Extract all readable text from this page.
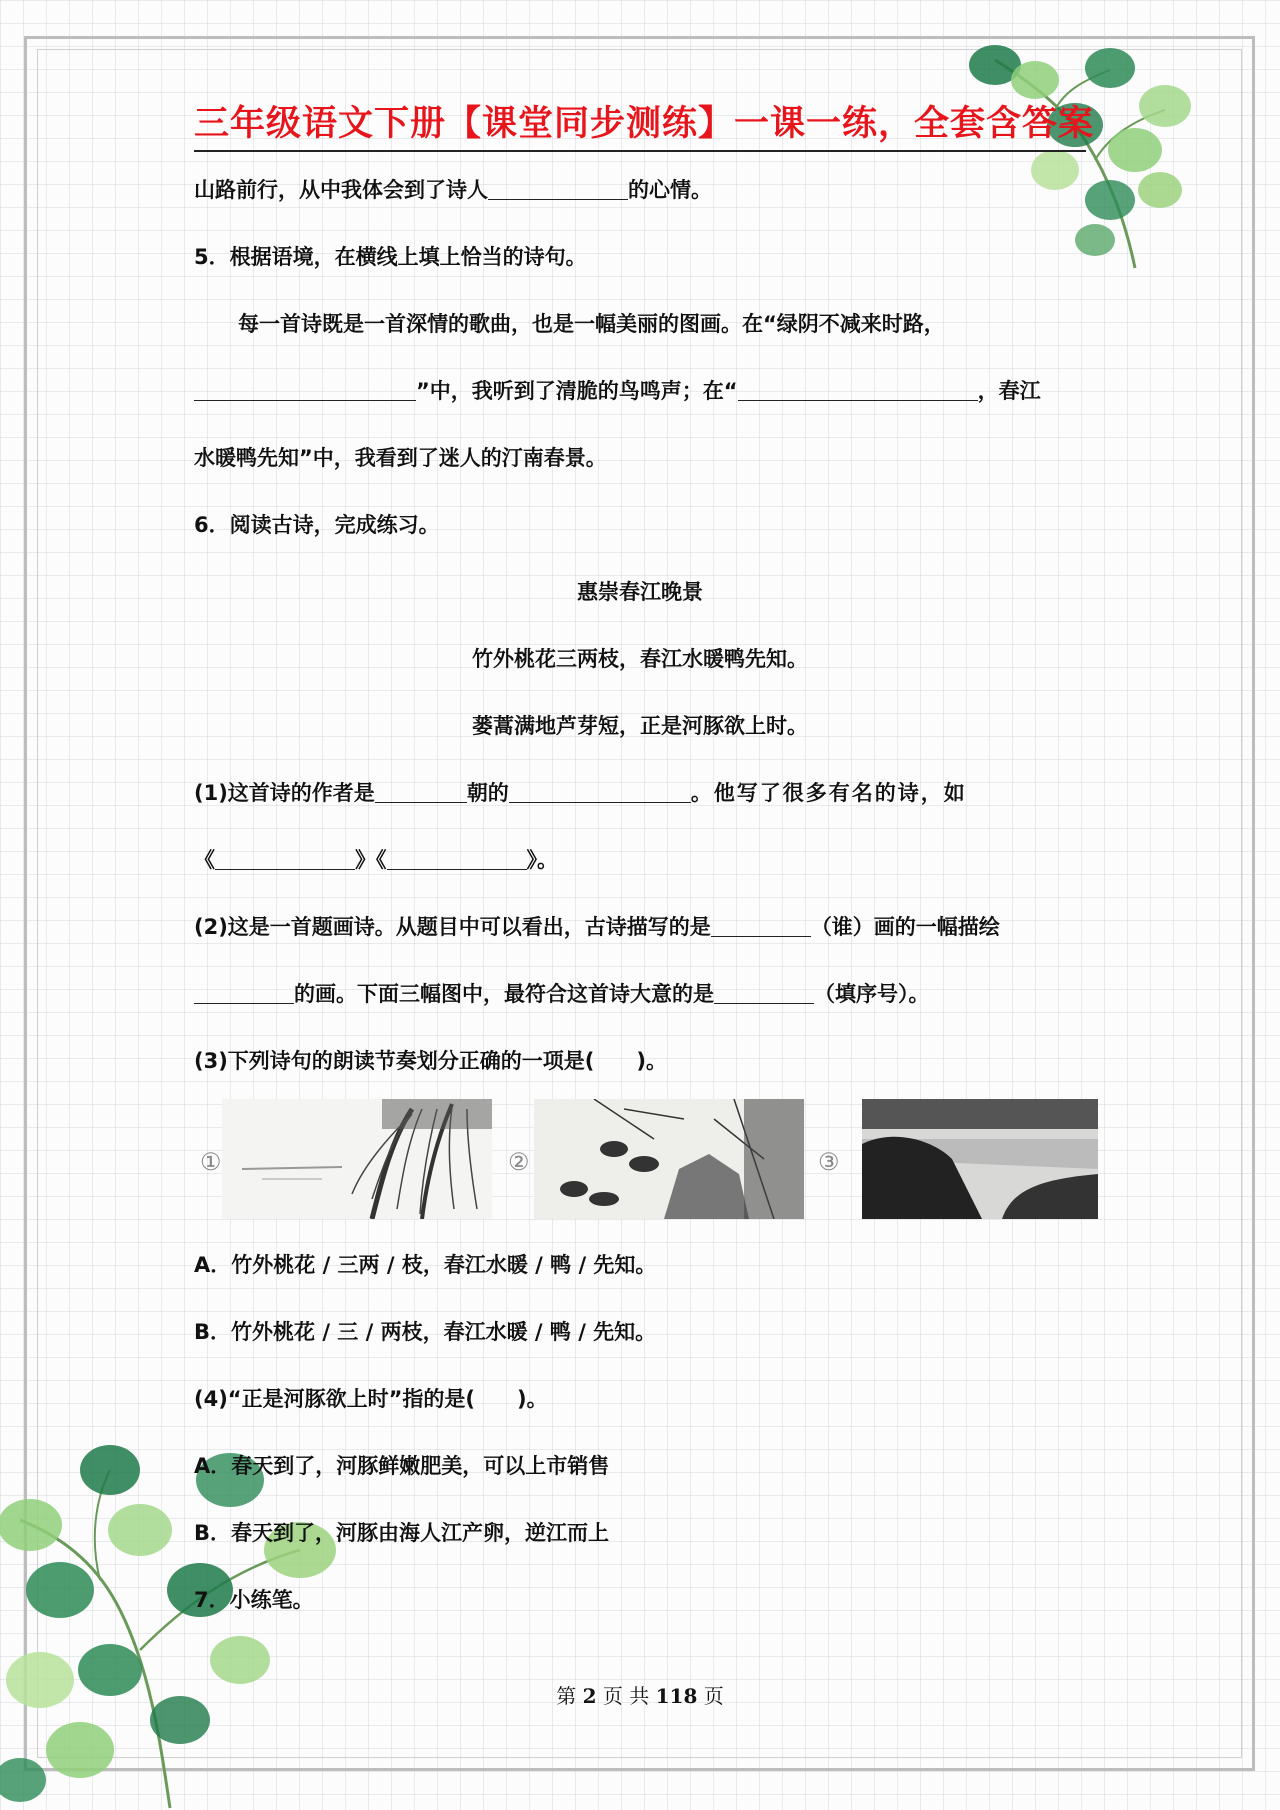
三年级语文下册【课堂同步测练】一课一练，全套含答案
山路前行，从中我体会到了诗人	的心情。
5．根据语境，在横线上填上恰当的诗句。
每一首诗既是一首深情的歌曲，也是一幅美丽的图画。在“绿阴不减来时路，
”中，我听到了清脆的鸟鸣声；在“	，春江
水暖鸭先知”中，我看到了迷人的汀南春景。
6．阅读古诗，完成练习。
惠崇春江晚景
竹外桃花三两枝，春江水暖鸭先知。
蒌蒿满地芦芽短，正是河豚欲上时。
(1)这首诗的作者是	朝的	。他写了很多有名的诗，如
《	》《	》。
(2)这是一首题画诗。从题目中可以看出，古诗描写的是	（谁）画的一幅描绘
的画。下面三幅图中，最符合这首诗大意的是	（填序号）。
(3)下列诗句的朗读节奏划分正确的一项是(　　)。
①	②	③
A．竹外桃花 / 三两 / 枝，春江水暖 / 鸭 / 先知。
B．竹外桃花 / 三 / 两枝，春江水暖 / 鸭 / 先知。
(4)“正是河豚欲上时”指的是(　　)。
A．春天到了，河豚鲜嫩肥美，可以上市销售
B．春天到了，河豚由海人江产卵，逆江而上
7．小练笔。
第 2 页 共 118 页
